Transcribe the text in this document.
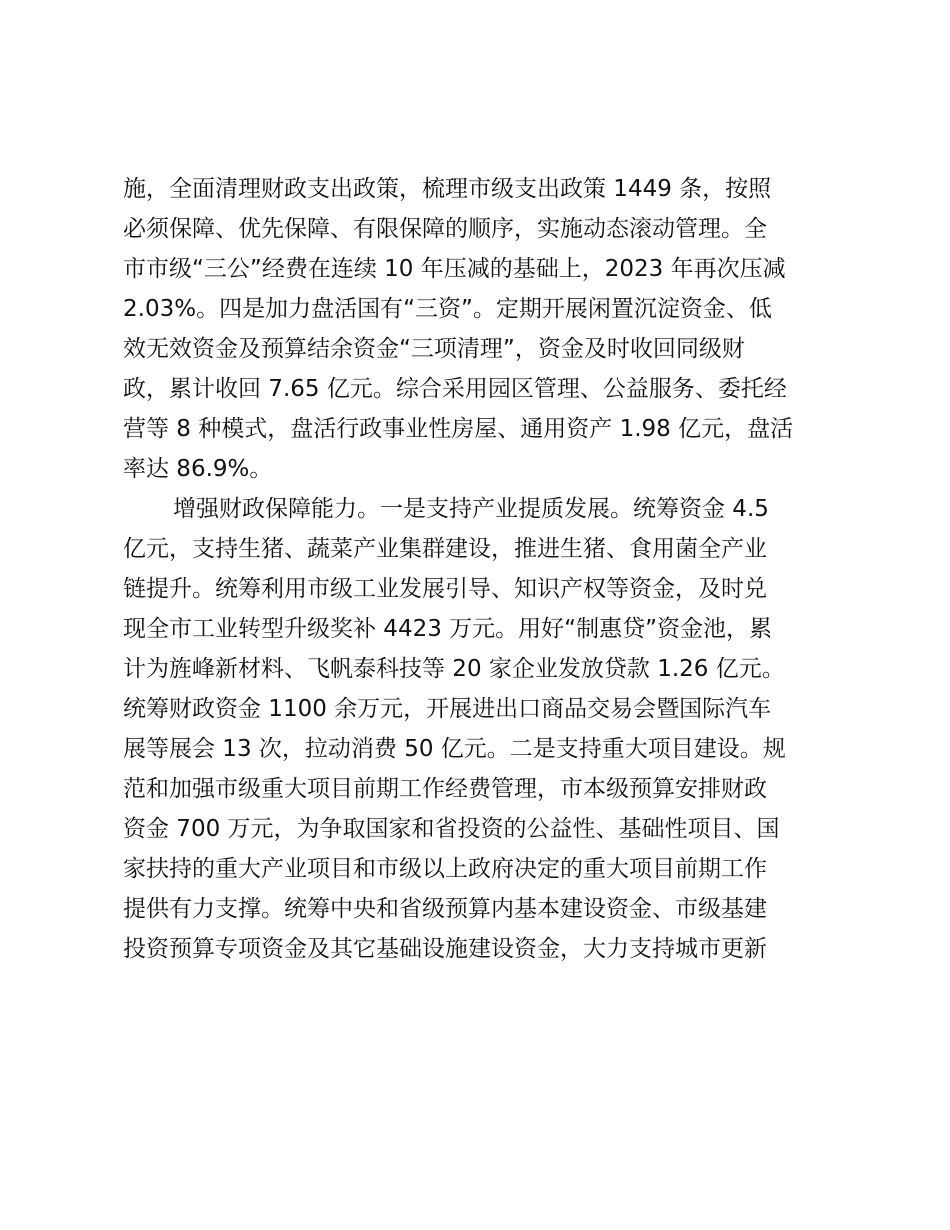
施，全面清理财政支出政策，梳理市级支出政策 1449 条，按照
必须保障、优先保障、有限保障的顺序，实施动态滚动管理。全
市市级“三公”经费在连续 10 年压减的基础上，2023 年再次压减
2.03%。四是加力盘活国有“三资”。定期开展闲置沉淀资金、低
效无效资金及预算结余资金“三项清理”，资金及时收回同级财
政，累计收回 7.65 亿元。综合采用园区管理、公益服务、委托经
营等 8 种模式，盘活行政事业性房屋、通用资产 1.98 亿元，盘活
率达 86.9%。
增强财政保障能力。一是支持产业提质发展。统筹资金 4.5
亿元，支持生猪、蔬菜产业集群建设，推进生猪、食用菌全产业
链提升。统筹利用市级工业发展引导、知识产权等资金，及时兑
现全市工业转型升级奖补 4423 万元。用好“制惠贷”资金池，累
计为旌峰新材料、飞帆泰科技等 20 家企业发放贷款 1.26 亿元。
统筹财政资金 1100 余万元，开展进出口商品交易会暨国际汽车
展等展会 13 次，拉动消费 50 亿元。二是支持重大项目建设。规
范和加强市级重大项目前期工作经费管理，市本级预算安排财政
资金 700 万元，为争取国家和省投资的公益性、基础性项目、国
家扶持的重大产业项目和市级以上政府决定的重大项目前期工作
提供有力支撑。统筹中央和省级预算内基本建设资金、市级基建
投资预算专项资金及其它基础设施建设资金，大力支持城市更新
